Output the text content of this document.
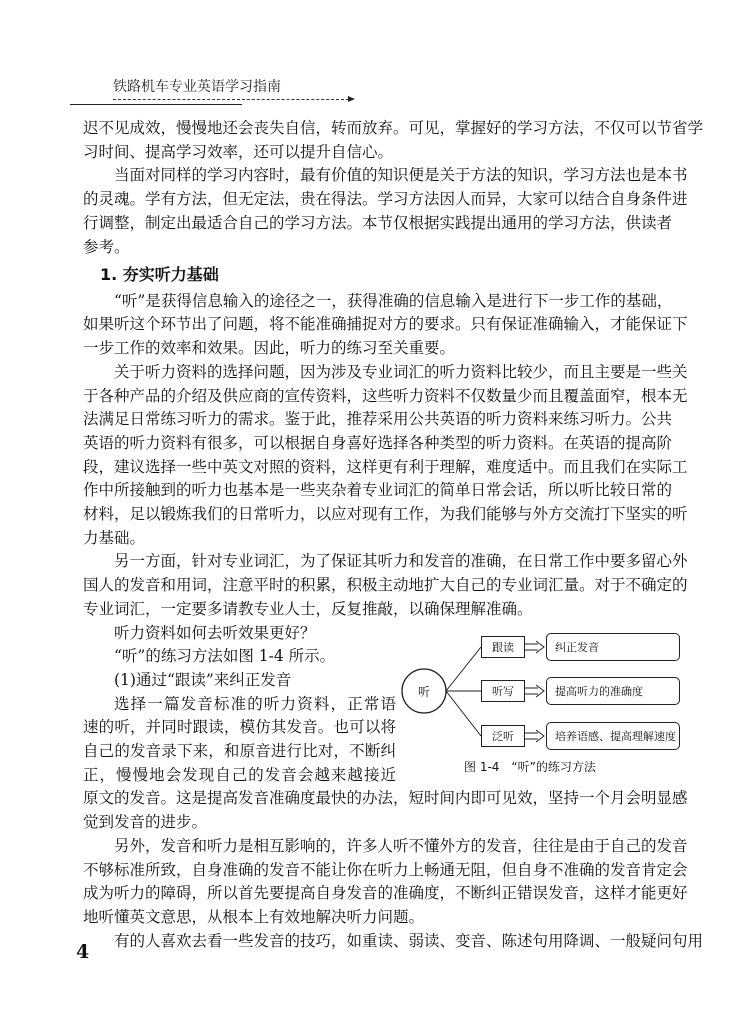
铁路机车专业英语学习指南
迟不见成效，慢慢地还会丧失自信，转而放弃。可见，掌握好的学习方法，不仅可以节省学
习时间、提高学习效率，还可以提升自信心。
当面对同样的学习内容时，最有价值的知识便是关于方法的知识，学习方法也是本书
的灵魂。学有方法，但无定法，贵在得法。学习方法因人而异，大家可以结合自身条件进
行调整，制定出最适合自己的学习方法。本节仅根据实践提出通用的学习方法，供读者
参考。
1. 夯实听力基础
“听”是获得信息输入的途径之一，获得准确的信息输入是进行下一步工作的基础，
如果听这个环节出了问题，将不能准确捕捉对方的要求。只有保证准确输入，才能保证下
一步工作的效率和效果。因此，听力的练习至关重要。
关于听力资料的选择问题，因为涉及专业词汇的听力资料比较少，而且主要是一些关
于各种产品的介绍及供应商的宣传资料，这些听力资料不仅数量少而且覆盖面窄，根本无
法满足日常练习听力的需求。鉴于此，推荐采用公共英语的听力资料来练习听力。公共
英语的听力资料有很多，可以根据自身喜好选择各种类型的听力资料。在英语的提高阶
段，建议选择一些中英文对照的资料，这样更有利于理解，难度适中。而且我们在实际工
作中所接触到的听力也基本是一些夹杂着专业词汇的简单日常会话，所以听比较日常的
材料，足以锻炼我们的日常听力，以应对现有工作，为我们能够与外方交流打下坚实的听
力基础。
另一方面，针对专业词汇，为了保证其听力和发音的准确，在日常工作中要多留心外
国人的发音和用词，注意平时的积累，积极主动地扩大自己的专业词汇量。对于不确定的
专业词汇，一定要多请教专业人士，反复推敲，以确保理解准确。
听力资料如何去听效果更好？
“听”的练习方法如图 1-4 所示。
(1)通过“跟读”来纠正发音
选择一篇发音标准的听力资料，正常语
速的听，并同时跟读，模仿其发音。也可以将
自己的发音录下来，和原音进行比对，不断纠
正，慢慢地会发现自己的发音会越来越接近
原文的发音。这是提高发音准确度最快的办法，短时间内即可见效，坚持一个月会明显感
觉到发音的进步。
另外，发音和听力是相互影响的，许多人听不懂外方的发音，往往是由于自己的发音
不够标准所致，自身准确的发音不能让你在听力上畅通无阻，但自身不准确的发音肯定会
成为听力的障碍，所以首先要提高自身发音的准确度，不断纠正错误发音，这样才能更好
地听懂英文意思，从根本上有效地解决听力问题。
有的人喜欢去看一些发音的技巧，如重读、弱读、变音、陈述句用降调、一般疑问句用
听
跟读	纠正发音
听写	提高听力的准确度
泛听	培养语感、提高理解速度
图 1-4　“听”的练习方法
4
